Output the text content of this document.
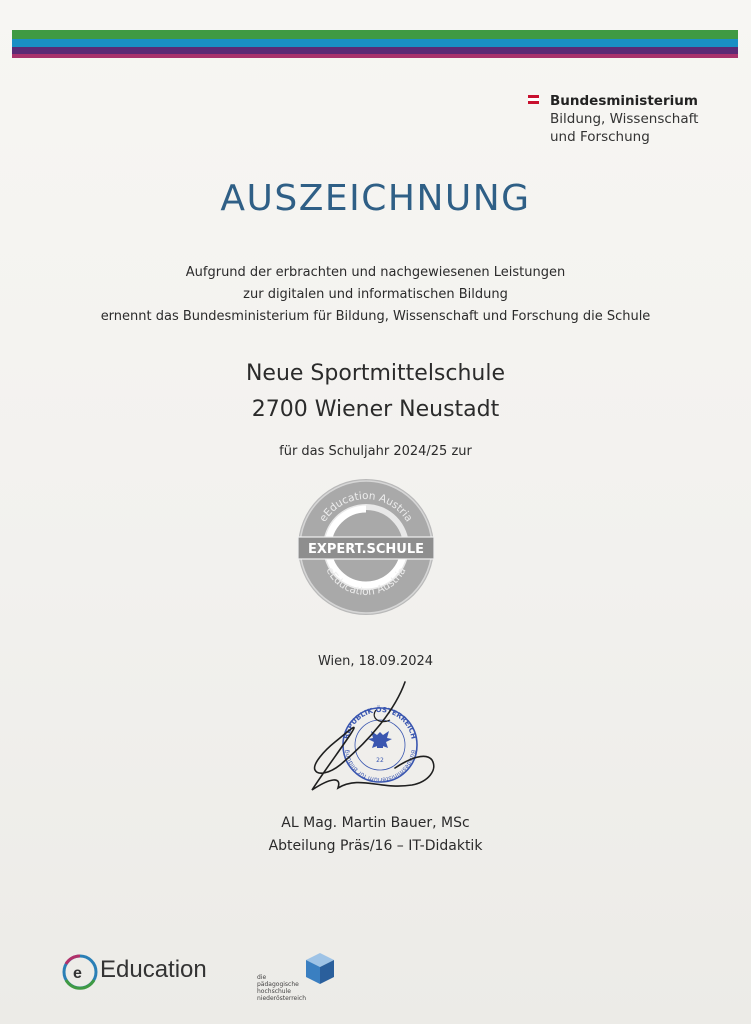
Bundesministerium
Bildung, Wissenschaft
und Forschung
AUSZEICHNUNG
Aufgrund der erbrachten und nachgewiesenen Leistungen
zur digitalen und informatischen Bildung
ernennt das Bundesministerium für Bildung, Wissenschaft und Forschung die Schule
Neue Sportmittelschule
2700 Wiener Neustadt
für das Schuljahr 2024/25 zur
eEducation Austria
eEducation Austria
EXPERT.SCHULE
Wien, 18.09.2024
REPUBLIK ÖSTERREICH
Bundesministerium für Bildung
22
AL Mag. Martin Bauer, MSc
Abteilung Präs/16 – IT-Didaktik
e Education	die pädagogische
hochschule
niederösterreich
